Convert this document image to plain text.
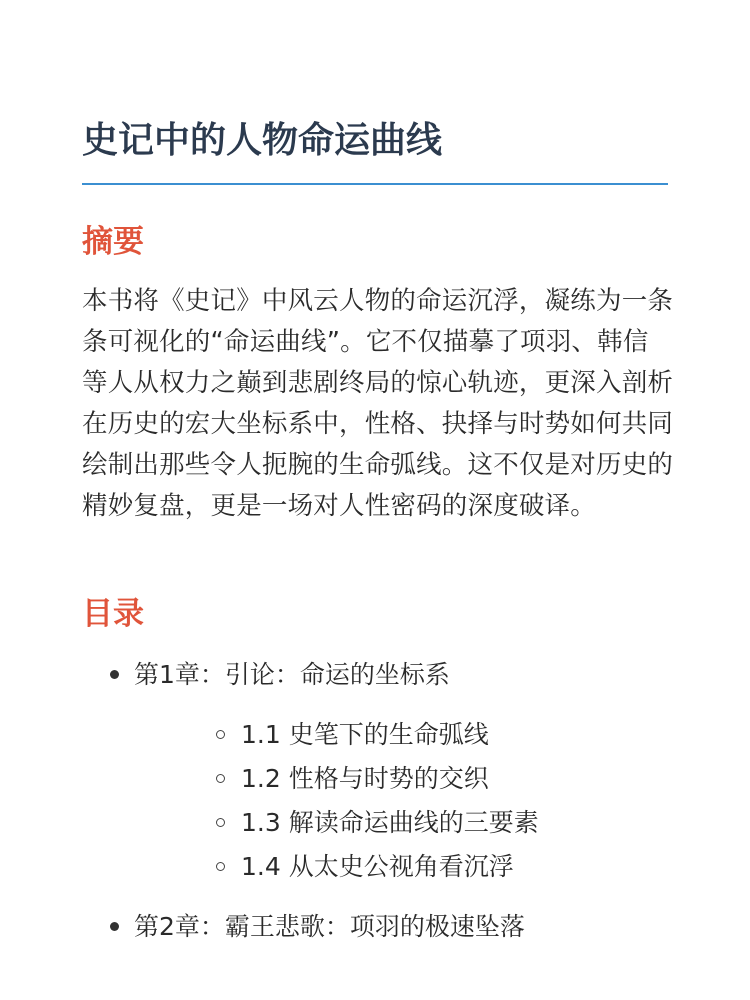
史记中的人物命运曲线
摘要

本书将《史记》中风云人物的命运沉浮，凝练为一条条可视化的“命运曲线”。它不仅描摹了项羽、韩信等人从权力之巅到悲剧终局的惊心轨迹，更深入剖析在历史的宏大坐标系中，性格、抉择与时势如何共同绘制出那些令人扼腕的生命弧线。这不仅是对历史的精妙复盘，更是一场对人性密码的深度破译。

目录
第1章：引论：命运的坐标系
1.1 史笔下的生命弧线
1.2 性格与时势的交织
1.3 解读命运曲线的三要素
1.4 从太史公视角看沉浮
第2章：霸王悲歌：项羽的极速坠落
